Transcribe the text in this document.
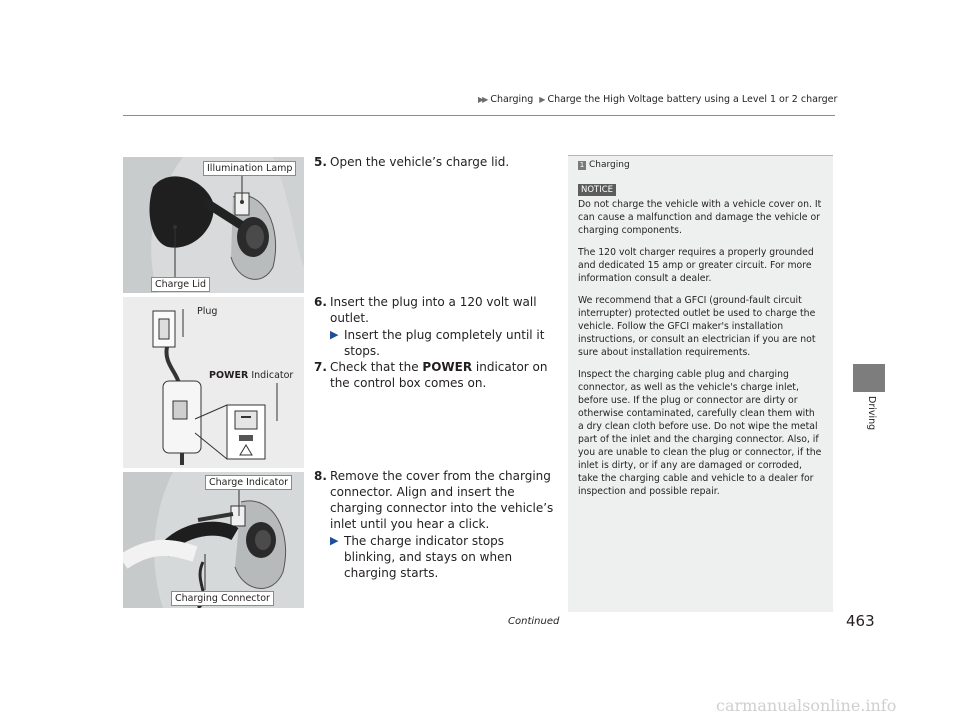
▶▶ Charging ▶ Charge the High Voltage battery using a Level 1 or 2 charger
Driving
Illumination Lamp
Charge Lid
Plug
POWER Indicator
Charge Indicator
Charging Connector
5. Open the vehicle’s charge lid.
6. Insert the plug into a 120 volt wall outlet.
▶ Insert the plug completely until it stops.
7. Check that the POWER indicator on the control box comes on.
8. Remove the cover from the charging connector. Align and insert the charging connector into the vehicle’s inlet until you hear a click.
▶ The charge indicator stops blinking, and stays on when charging starts.
1 Charging
NOTICE
Do not charge the vehicle with a vehicle cover on. It can cause a malfunction and damage the vehicle or charging components.
The 120 volt charger requires a properly grounded and dedicated 15 amp or greater circuit. For more information consult a dealer.
We recommend that a GFCI (ground-fault circuit interrupter) protected outlet be used to charge the vehicle. Follow the GFCI maker's installation instructions, or consult an electrician if you are not sure about installation requirements.
Inspect the charging cable plug and charging connector, as well as the vehicle's charge inlet, before use. If the plug or connector are dirty or otherwise contaminated, carefully clean them with a dry clean cloth before use. Do not wipe the metal part of the inlet and the charging connector. Also, if you are unable to clean the plug or connector, if the inlet is dirty, or if any are damaged or corroded, take the charging cable and vehicle to a dealer for inspection and possible repair.
Continued	463
carmanualsonline.info
